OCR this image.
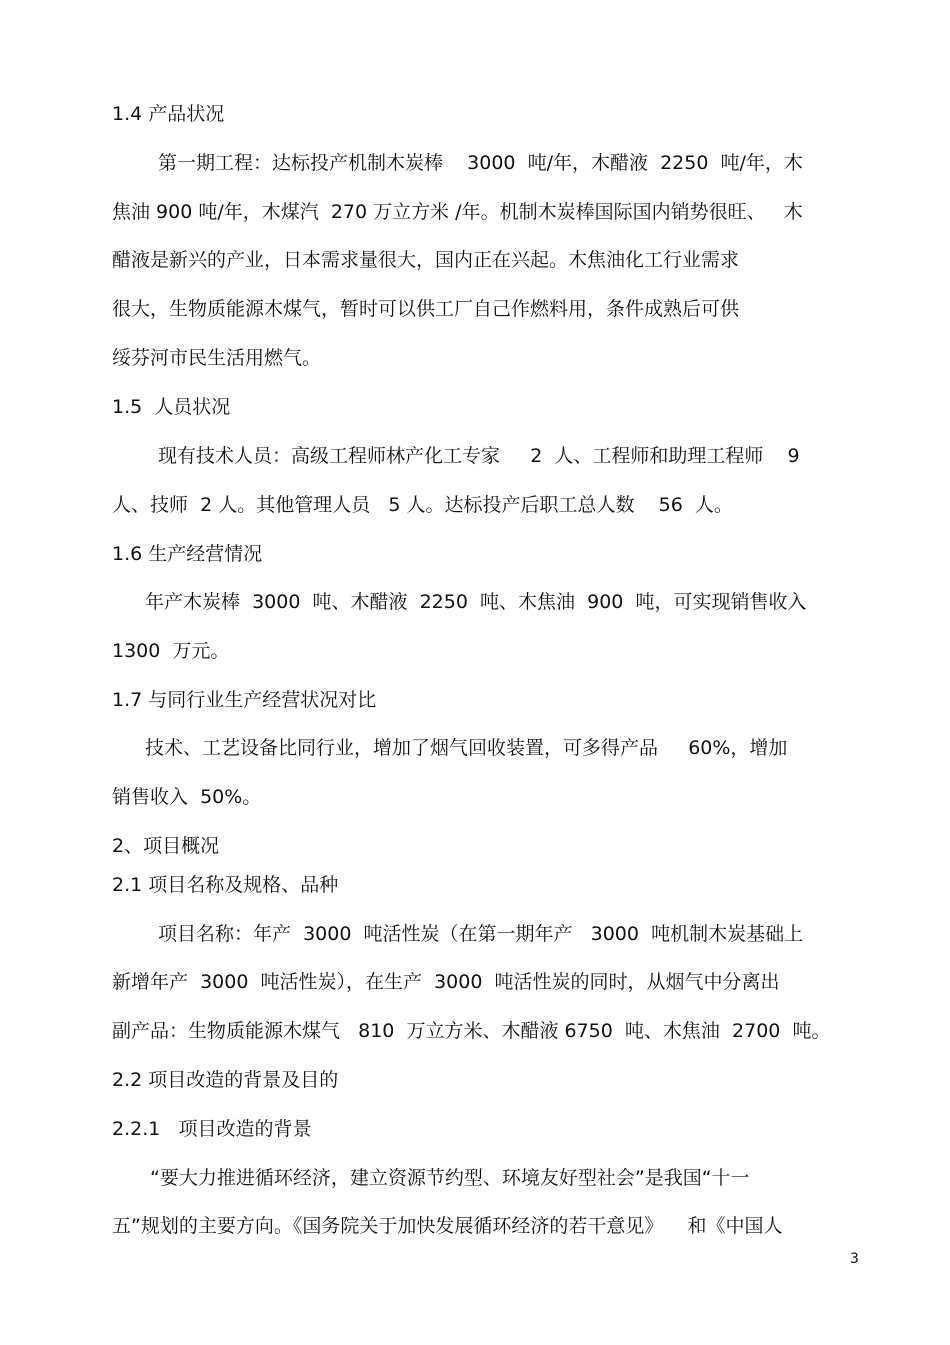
1.4 产品状况
第一期工程：达标投产机制木炭棒    3000  吨/年，木醋液  2250  吨/年，木
焦油 900 吨/年，木煤汽  270 万立方米 /年。机制木炭棒国际国内销势很旺、   木
醋液是新兴的产业，日本需求量很大，国内正在兴起。木焦油化工行业需求
很大，生物质能源木煤气，暂时可以供工厂自己作燃料用，条件成熟后可供
绥芬河市民生活用燃气。
1.5  人员状况
现有技术人员：高级工程师林产化工专家     2  人、工程师和助理工程师    9
人、技师  2 人。其他管理人员   5 人。达标投产后职工总人数    56  人。
1.6 生产经营情况
年产木炭棒  3000  吨、木醋液  2250  吨、木焦油  900  吨，可实现销售收入
1300  万元。
1.7 与同行业生产经营状况对比
技术、工艺设备比同行业，增加了烟气回收装置，可多得产品     60%，增加
销售收入  50%。
2、项目概况
2.1 项目名称及规格、品种
项目名称：年产  3000  吨活性炭（在第一期年产   3000  吨机制木炭基础上
新增年产  3000  吨活性炭），在生产  3000  吨活性炭的同时，从烟气中分离出
副产品：生物质能源木煤气   810  万立方米、木醋液 6750  吨、木焦油  2700  吨。
2.2 项目改造的背景及目的
2.2.1   项目改造的背景
“要大力推进循环经济，建立资源节约型、环境友好型社会”是我国“十一
五”规划的主要方向。《国务院关于加快发展循环经济的若干意见》    和《中国人
3
